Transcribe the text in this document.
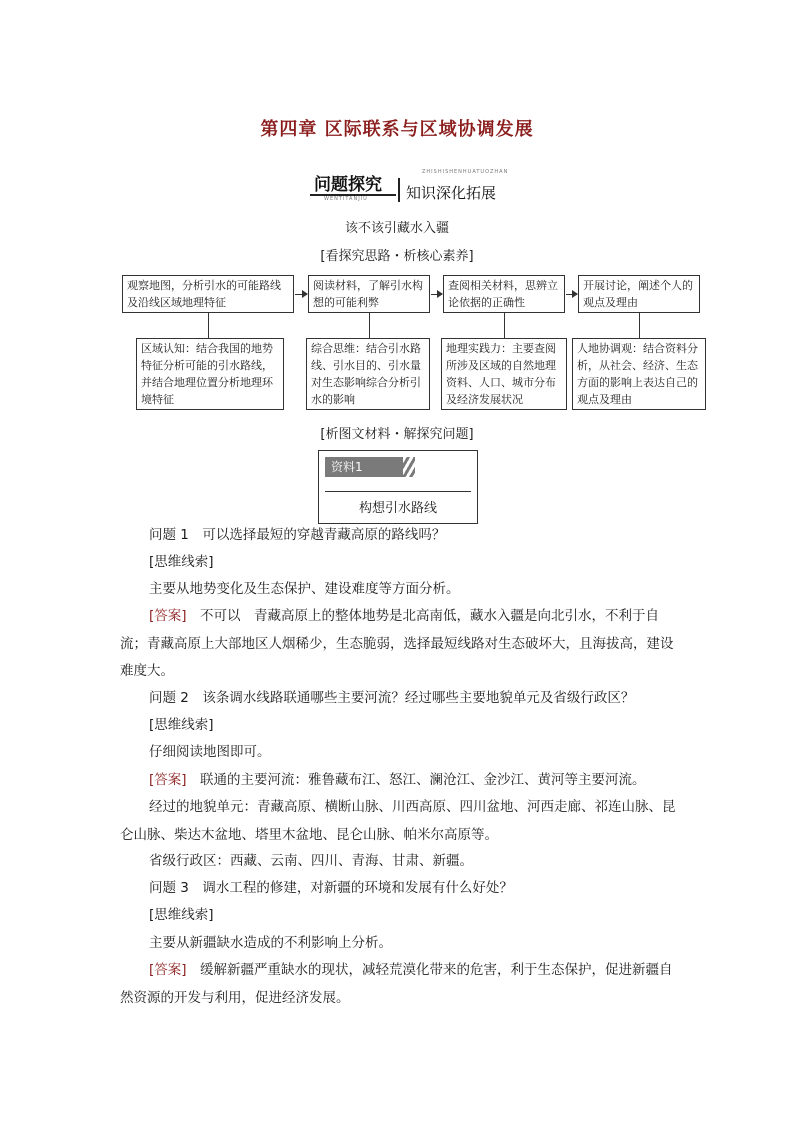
第四章 区际联系与区域协调发展
问题探究
WENTITANJIU
ZHISHISHENHUATUOZHAN
知识深化拓展
该不该引藏水入疆
[看探究思路・析核心素养]
观察地图，分析引水的可能路线及沿线区域地理特征
阅读材料，了解引水构想的可能利弊
查阅相关材料，思辨立论依据的正确性
开展讨论，阐述个人的观点及理由
区域认知：结合我国的地势特征分析可能的引水路线，并结合地理位置分析地理环境特征
综合思维：结合引水路线、引水目的、引水量对生态影响综合分析引水的影响
地理实践力：主要查阅所涉及区域的自然地理资料、人口、城市分布及经济发展状况
人地协调观：结合资料分析，从社会、经济、生态方面的影响上表达自己的观点及理由
[析图文材料・解探究问题]
资料1
构想引水路线
问题 1　可以选择最短的穿越青藏高原的路线吗？
[思维线索]
主要从地势变化及生态保护、建设难度等方面分析。
[答案]　不可以　青藏高原上的整体地势是北高南低，藏水入疆是向北引水，不利于自流；青藏高原上大部地区人烟稀少，生态脆弱，选择最短线路对生态破坏大，且海拔高，建设难度大。
问题 2　该条调水线路联通哪些主要河流？经过哪些主要地貌单元及省级行政区？
[思维线索]
仔细阅读地图即可。
[答案]　联通的主要河流：雅鲁藏布江、怒江、澜沧江、金沙江、黄河等主要河流。
经过的地貌单元：青藏高原、横断山脉、川西高原、四川盆地、河西走廊、祁连山脉、昆仑山脉、柴达木盆地、塔里木盆地、昆仑山脉、帕米尔高原等。
省级行政区：西藏、云南、四川、青海、甘肃、新疆。
问题 3　调水工程的修建，对新疆的环境和发展有什么好处？
[思维线索]
主要从新疆缺水造成的不利影响上分析。
[答案]　缓解新疆严重缺水的现状，减轻荒漠化带来的危害，利于生态保护，促进新疆自然资源的开发与利用，促进经济发展。
